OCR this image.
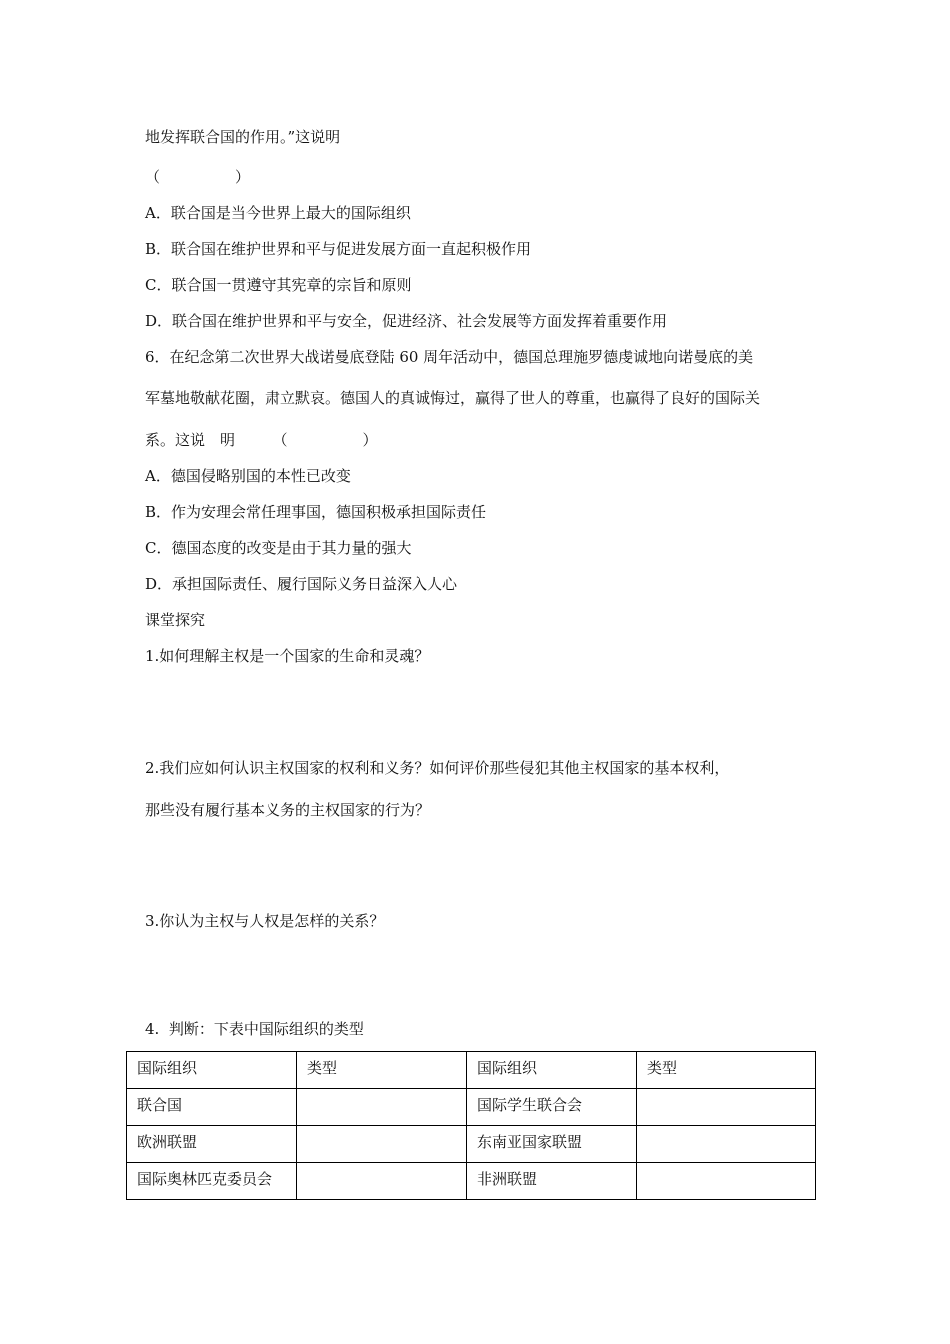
地发挥联合国的作用。”这说明
（　　　　　）
A．联合国是当今世界上最大的国际组织
B．联合国在维护世界和平与促进发展方面一直起积极作用
C．联合国一贯遵守其宪章的宗旨和原则
D．联合国在维护世界和平与安全，促进经济、社会发展等方面发挥着重要作用
6．在纪念第二次世界大战诺曼底登陆 60 周年活动中，德国总理施罗德虔诚地向诺曼底的美
军墓地敬献花圈，肃立默哀。德国人的真诚悔过，赢得了世人的尊重，也赢得了良好的国际关
系。这说　明　　　（　　　　　）
A．德国侵略别国的本性已改变
B．作为安理会常任理事国，德国积极承担国际责任
C．德国态度的改变是由于其力量的强大
D．承担国际责任、履行国际义务日益深入人心
课堂探究
1.如何理解主权是一个国家的生命和灵魂？
2.我们应如何认识主权国家的权利和义务？如何评价那些侵犯其他主权国家的基本权利，
那些没有履行基本义务的主权国家的行为？
3.你认为主权与人权是怎样的关系？
4.  判断：下表中国际组织的类型
国际组织	类型	国际组织	类型
联合国		国际学生联合会	
欧洲联盟		东南亚国家联盟	
国际奥林匹克委员会		非洲联盟	
